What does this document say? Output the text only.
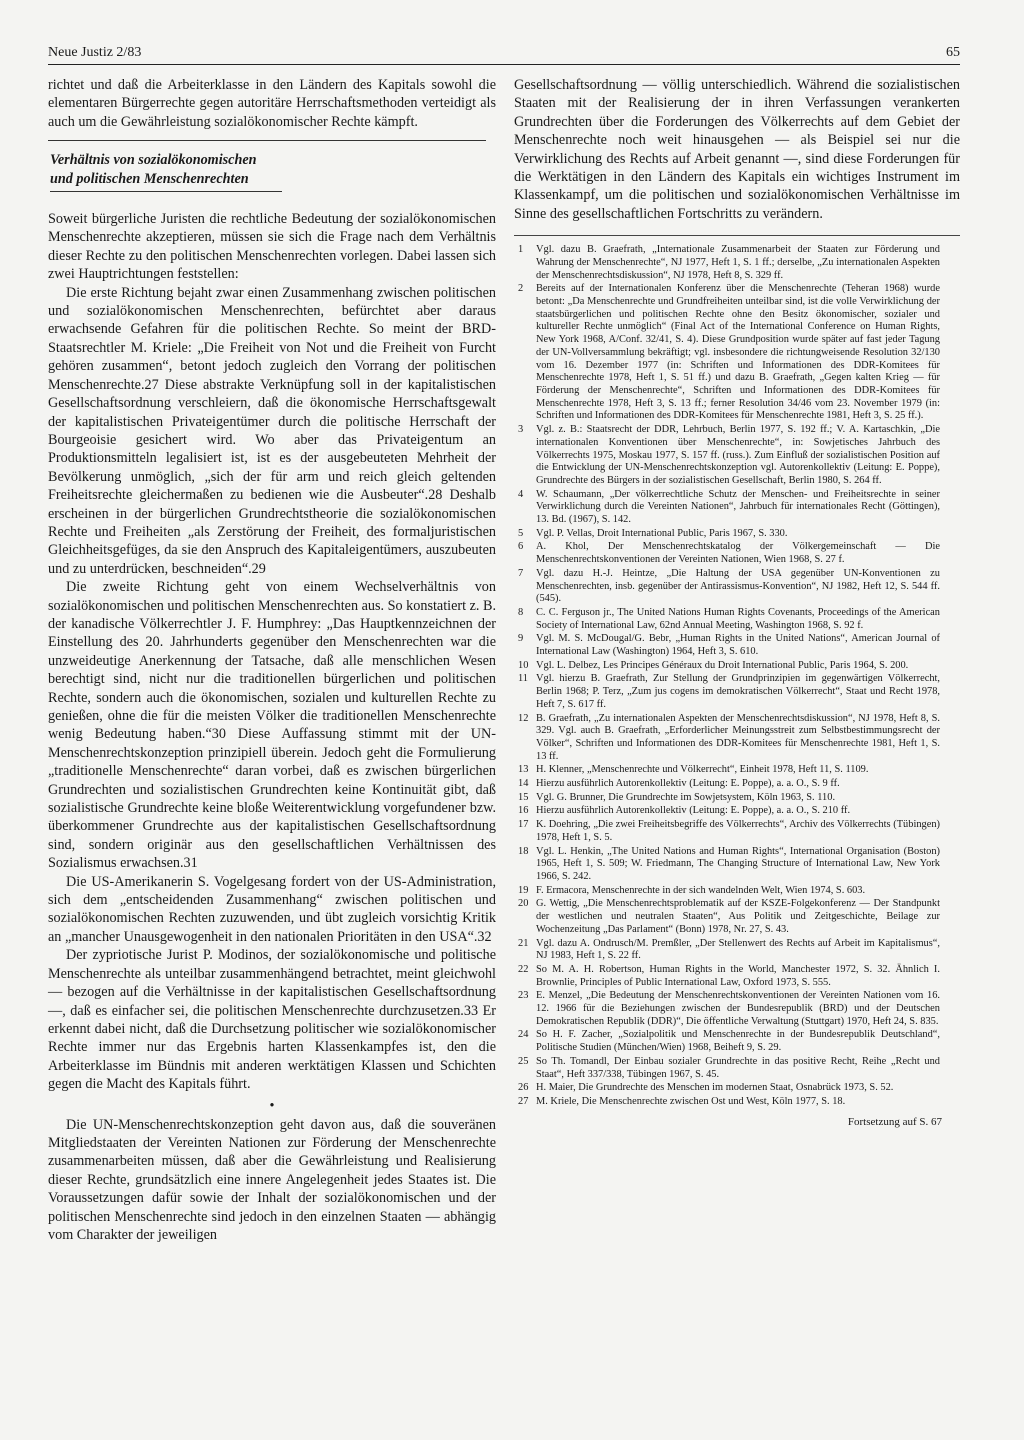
Neue Justiz 2/83	65

richtet und daß die Arbeiterklasse in den Ländern des Kapitals sowohl die elementaren Bürgerrechte gegen autoritäre Herrschaftsmethoden verteidigt als auch um die Gewährleistung sozialökonomischer Rechte kämpft.

Verhältnis von sozialökonomischen
und politischen Menschenrechten

Soweit bürgerliche Juristen die rechtliche Bedeutung der sozialökonomischen Menschenrechte akzeptieren, müssen sie sich die Frage nach dem Verhältnis dieser Rechte zu den politischen Menschenrechten vorlegen. Dabei lassen sich zwei Hauptrichtungen feststellen:

Die erste Richtung bejaht zwar einen Zusammenhang zwischen politischen und sozialökonomischen Menschenrechten, befürchtet aber daraus erwachsende Gefahren für die politischen Rechte. So meint der BRD-Staatsrechtler M. Kriele: „Die Freiheit von Not und die Freiheit von Furcht gehören zusammen“, betont jedoch zugleich den Vorrang der politischen Menschenrechte.27 Diese abstrakte Verknüpfung soll in der kapitalistischen Gesellschaftsordnung verschleiern, daß die ökonomische Herrschaftsgewalt der kapitalistischen Privateigentümer durch die politische Herrschaft der Bourgeoisie gesichert wird. Wo aber das Privateigentum an Produktionsmitteln legalisiert ist, ist es der ausgebeuteten Mehrheit der Bevölkerung unmöglich, „sich der für arm und reich gleich geltenden Freiheitsrechte gleichermaßen zu bedienen wie die Ausbeuter“.28 Deshalb erscheinen in der bürgerlichen Grundrechtstheorie die sozialökonomischen Rechte und Freiheiten „als Zerstörung der Freiheit, des formaljuristischen Gleichheitsgefüges, da sie den Anspruch des Kapitaleigentümers, auszubeuten und zu unterdrücken, beschneiden“.29

Die zweite Richtung geht von einem Wechselverhältnis von sozialökonomischen und politischen Menschenrechten aus. So konstatiert z. B. der kanadische Völkerrechtler J. F. Humphrey: „Das Hauptkennzeichnen der Einstellung des 20. Jahrhunderts gegenüber den Menschenrechten war die unzweideutige Anerkennung der Tatsache, daß alle menschlichen Wesen berechtigt sind, nicht nur die traditionellen bürgerlichen und politischen Rechte, sondern auch die ökonomischen, sozialen und kulturellen Rechte zu genießen, ohne die für die meisten Völker die traditionellen Menschenrechte wenig Bedeutung haben.“30 Diese Auffassung stimmt mit der UN-Menschenrechtskonzeption prinzipiell überein. Jedoch geht die Formulierung „traditionelle Menschenrechte“ daran vorbei, daß es zwischen bürgerlichen Grundrechten und sozialistischen Grundrechten keine Kontinuität gibt, daß sozialistische Grundrechte keine bloße Weiterentwicklung vorgefundener bzw. überkommener Grundrechte aus der kapitalistischen Gesellschaftsordnung sind, sondern originär aus den gesellschaftlichen Verhältnissen des Sozialismus erwachsen.31

Die US-Amerikanerin S. Vogelgesang fordert von der US-Administration, sich dem „entscheidenden Zusammenhang“ zwischen politischen und sozialökonomischen Rechten zuzuwenden, und übt zugleich vorsichtig Kritik an „mancher Unausgewogenheit in den nationalen Prioritäten in den USA“.32

Der zypriotische Jurist P. Modinos, der sozialökonomische und politische Menschenrechte als unteilbar zusammenhängend betrachtet, meint gleichwohl — bezogen auf die Verhältnisse in der kapitalistischen Gesellschaftsordnung —, daß es einfacher sei, die politischen Menschenrechte durchzusetzen.33 Er erkennt dabei nicht, daß die Durchsetzung politischer wie sozialökonomischer Rechte immer nur das Ergebnis harten Klassenkampfes ist, den die Arbeiterklasse im Bündnis mit anderen werktätigen Klassen und Schichten gegen die Macht des Kapitals führt.

•

Die UN-Menschenrechtskonzeption geht davon aus, daß die souveränen Mitgliedstaaten der Vereinten Nationen zur Förderung der Menschenrechte zusammenarbeiten müssen, daß aber die Gewährleistung und Realisierung dieser Rechte, grundsätzlich eine innere Angelegenheit jedes Staates ist. Die Voraussetzungen dafür sowie der Inhalt der sozialökonomischen und der politischen Menschenrechte sind jedoch in den einzelnen Staaten — abhängig vom Charakter der jeweiligen

Gesellschaftsordnung — völlig unterschiedlich. Während die sozialistischen Staaten mit der Realisierung der in ihren Verfassungen verankerten Grundrechten über die Forderungen des Völkerrechts auf dem Gebiet der Menschenrechte noch weit hinausgehen — als Beispiel sei nur die Verwirklichung des Rechts auf Arbeit genannt —, sind diese Forderungen für die Werktätigen in den Ländern des Kapitals ein wichtiges Instrument im Klassenkampf, um die politischen und sozialökonomischen Verhältnisse im Sinne des gesellschaftlichen Fortschritts zu verändern.

1	Vgl. dazu B. Graefrath, „Internationale Zusammenarbeit der Staaten zur Förderung und Wahrung der Menschenrechte“, NJ 1977, Heft 1, S. 1 ff.; derselbe, „Zu internationalen Aspekten der Menschenrechtsdiskussion“, NJ 1978, Heft 8, S. 329 ff.
2	Bereits auf der Internationalen Konferenz über die Menschenrechte (Teheran 1968) wurde betont: „Da Menschenrechte und Grundfreiheiten unteilbar sind, ist die volle Verwirklichung der staatsbürgerlichen und politischen Rechte ohne den Besitz ökonomischer, sozialer und kultureller Rechte unmöglich“ (Final Act of the International Conference on Human Rights, New York 1968, A/Conf. 32/41, S. 4). Diese Grundposition wurde später auf fast jeder Tagung der UN-Vollversammlung bekräftigt; vgl. insbesondere die richtungweisende Resolution 32/130 vom 16. Dezember 1977 (in: Schriften und Informationen des DDR-Komitees für Menschenrechte 1978, Heft 1, S. 51 ff.) und dazu B. Graefrath, „Gegen kalten Krieg — für Förderung der Menschenrechte“, Schriften und Informationen des DDR-Komitees für Menschenrechte 1978, Heft 3, S. 13 ff.; ferner Resolution 34/46 vom 23. November 1979 (in: Schriften und Informationen des DDR-Komitees für Menschenrechte 1981, Heft 3, S. 25 ff.).
3	Vgl. z. B.: Staatsrecht der DDR, Lehrbuch, Berlin 1977, S. 192 ff.; V. A. Kartaschkin, „Die internationalen Konventionen über Menschenrechte“, in: Sowjetisches Jahrbuch des Völkerrechts 1975, Moskau 1977, S. 157 ff. (russ.). Zum Einfluß der sozialistischen Position auf die Entwicklung der UN-Menschenrechtskonzeption vgl. Autorenkollektiv (Leitung: E. Poppe), Grundrechte des Bürgers in der sozialistischen Gesellschaft, Berlin 1980, S. 264 ff.
4	W. Schaumann, „Der völkerrechtliche Schutz der Menschen- und Freiheitsrechte in seiner Verwirklichung durch die Vereinten Nationen“, Jahrbuch für internationales Recht (Göttingen), 13. Bd. (1967), S. 142.
5	Vgl. P. Vellas, Droit International Public, Paris 1967, S. 330.
6	A. Khol, Der Menschenrechtskatalog der Völkergemeinschaft — Die Menschenrechtskonventionen der Vereinten Nationen, Wien 1968, S. 27 f.
7	Vgl. dazu H.-J. Heintze, „Die Haltung der USA gegenüber UN-Konventionen zu Menschenrechten, insb. gegenüber der Antirassismus-Konvention“, NJ 1982, Heft 12, S. 544 ff. (545).
8	C. C. Ferguson jr., The United Nations Human Rights Covenants, Proceedings of the American Society of International Law, 62nd Annual Meeting, Washington 1968, S. 92 f.
9	Vgl. M. S. McDougal/G. Bebr, „Human Rights in the United Nations“, American Journal of International Law (Washington) 1964, Heft 3, S. 610.
10 Vgl. L. Delbez, Les Principes Généraux du Droit International Public, Paris 1964, S. 200.
11 Vgl. hierzu B. Graefrath, Zur Stellung der Grundprinzipien im gegenwärtigen Völkerrecht, Berlin 1968; P. Terz, „Zum jus cogens im demokratischen Völkerrecht“, Staat und Recht 1978, Heft 7, S. 617 ff.
12 B. Graefrath, „Zu internationalen Aspekten der Menschenrechtsdiskussion“, NJ 1978, Heft 8, S. 329. Vgl. auch B. Graefrath, „Erforderlicher Meinungsstreit zum Selbstbestimmungsrecht der Völker“, Schriften und Informationen des DDR-Komitees für Menschenrechte 1981, Heft 1, S. 13 ff.
13 H. Klenner, „Menschenrechte und Völkerrecht“, Einheit 1978, Heft 11, S. 1109.
14 Hierzu ausführlich Autorenkollektiv (Leitung: E. Poppe), a. a. O., S. 9 ff.
15 Vgl. G. Brunner, Die Grundrechte im Sowjetsystem, Köln 1963, S. 110.
16 Hierzu ausführlich Autorenkollektiv (Leitung: E. Poppe), a. a. O., S. 210 ff.
17 K. Doehring, „Die zwei Freiheitsbegriffe des Völkerrechts“, Archiv des Völkerrechts (Tübingen) 1978, Heft 1, S. 5.
18 Vgl. L. Henkin, „The United Nations and Human Rights“, International Organisation (Boston) 1965, Heft 1, S. 509; W. Friedmann, The Changing Structure of International Law, New York 1966, S. 242.
19 F. Ermacora, Menschenrechte in der sich wandelnden Welt, Wien 1974, S. 603.
20 G. Wettig, „Die Menschenrechtsproblematik auf der KSZE-Folgekonferenz — Der Standpunkt der westlichen und neutralen Staaten“, Aus Politik und Zeitgeschichte, Beilage zur Wochenzeitung „Das Parlament“ (Bonn) 1978, Nr. 27, S. 43.
21 Vgl. dazu A. Ondrusch/M. Premßler, „Der Stellenwert des Rechts auf Arbeit im Kapitalismus“, NJ 1983, Heft 1, S. 22 ff.
22 So M. A. H. Robertson, Human Rights in the World, Manchester 1972, S. 32. Ähnlich I. Brownlie, Principles of Public International Law, Oxford 1973, S. 555.
23 E. Menzel, „Die Bedeutung der Menschenrechtskonventionen der Vereinten Nationen vom 16. 12. 1966 für die Beziehungen zwischen der Bundesrepublik (BRD) und der Deutschen Demokratischen Republik (DDR)“, Die öffentliche Verwaltung (Stuttgart) 1970, Heft 24, S. 835.
24 So H. F. Zacher, „Sozialpolitik und Menschenrechte in der Bundesrepublik Deutschland“, Politische Studien (München/Wien) 1968, Beiheft 9, S. 29.
25 So Th. Tomandl, Der Einbau sozialer Grundrechte in das positive Recht, Reihe „Recht und Staat“, Heft 337/338, Tübingen 1967, S. 45.
26 H. Maier, Die Grundrechte des Menschen im modernen Staat, Osnabrück 1973, S. 52.
27 M. Kriele, Die Menschenrechte zwischen Ost und West, Köln 1977, S. 18.
Fortsetzung auf S. 67
